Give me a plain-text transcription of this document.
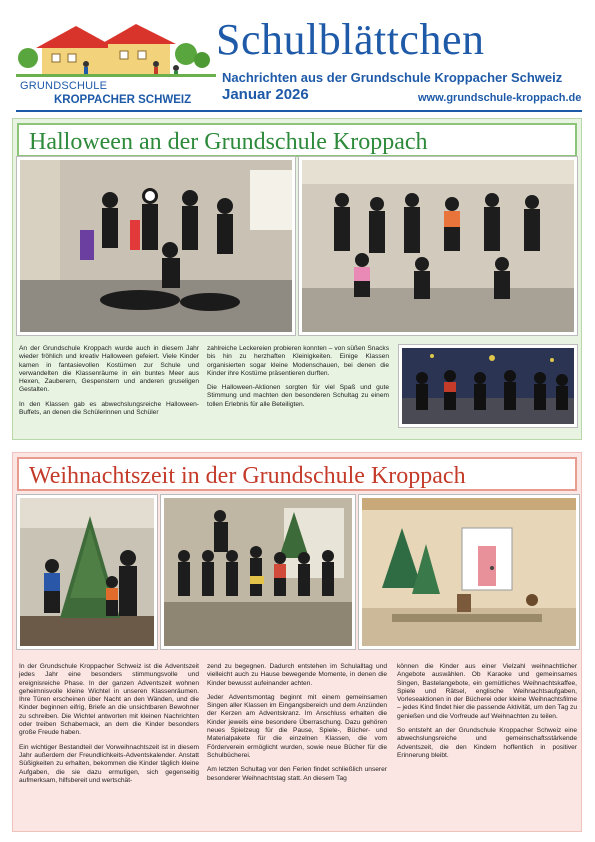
GRUNDSCHULE
KROPPACHER SCHWEIZ
Schulblättchen
Nachrichten aus der Grundschule Kroppacher Schweiz
Januar 2026	www.grundschule-kroppach.de
Halloween an der Grundschule Kroppach

An der Grundschule Kroppach wurde auch in diesem Jahr wieder fröhlich und kreativ Halloween gefeiert. Viele Kinder kamen in fantasievollen Kostümen zur Schule und verwandelten die Klassenräume in ein buntes Meer aus Hexen, Zauberern, Gespenstern und anderen gruseligen Gestalten.

In den Klassen gab es abwechslungsreiche Halloween-Buffets, an denen die Schülerinnen und Schüler

zahlreiche Leckereien probieren konnten – von süßen Snacks bis hin zu herzhaften Kleinigkeiten. Einige Klassen organisierten sogar kleine Modenschauen, bei denen die Kinder ihre Kostüme präsentieren durften.

Die Halloween-Aktionen sorgten für viel Spaß und gute Stimmung und machten den besonderen Schultag zu einem tollen Erlebnis für alle Beteiligten.

Weihnachtszeit in der Grundschule Kroppach

In der Grundschule Kroppacher Schweiz ist die Adventszeit jedes Jahr eine besonders stimmungsvolle und ereignisreiche Phase. In der ganzen Adventszeit wohnen geheimnisvolle kleine Wichtel in unseren Klassenräumen. Ihre Türen erscheinen über Nacht an den Wänden, und die Kinder beginnen eifrig, Briefe an die unsichtbaren Bewohner zu schreiben. Die Wichtel antworten mit kleinen Nachrichten oder treiben Schabernack, an dem die Kinder besonders große Freude haben.

Ein wichtiger Bestandteil der Vorweihnachtszeit ist in diesem Jahr außerdem der Freundlichkeits-Adventskalender. Anstatt Süßigkeiten zu erhalten, bekommen die Kinder täglich kleine Aufgaben, die sie dazu ermutigen, sich gegenseitig aufmerksam, hilfsbereit und wertschät-

zend zu begegnen. Dadurch entstehen im Schulalltag und vielleicht auch zu Hause bewegende Momente, in denen die Kinder bewusst aufeinander achten.

Jeder Adventsmontag beginnt mit einem gemeinsamen Singen aller Klassen im Eingangsbereich und dem Anzünden der Kerzen am Adventskranz. Im Anschluss erhalten die Kinder jeweils eine besondere Überraschung. Dazu gehören neues Spielzeug für die Pause, Spiele-, Bücher- und Materialpakete für die einzelnen Klassen, die vom Förderverein ermöglicht wurden, sowie neue Bücher für die Schulbücherei.

Am letzten Schultag vor den Ferien findet schließlich unserer besonderer Weihnachtstag statt. An diesem Tag

können die Kinder aus einer Vielzahl weihnachtlicher Angebote auswählen. Ob Karaoke und gemeinsames Singen, Bastelangebote, ein gemütliches Weihnachtskaffee, Spiele und Rätsel, englische Weihnachtsaufgaben, Vorleseaktionen in der Bücherei oder kleine Weihnachtsfilme – jedes Kind findet hier die passende Aktivität, um den Tag zu genießen und die Vorfreude auf Weihnachten zu teilen.

So entsteht an der Grundschule Kroppacher Schweiz eine abwechslungsreiche und gemeinschaftsstärkende Adventszeit, die den Kindern hoffentlich in positiver Erinnerung bleibt.
